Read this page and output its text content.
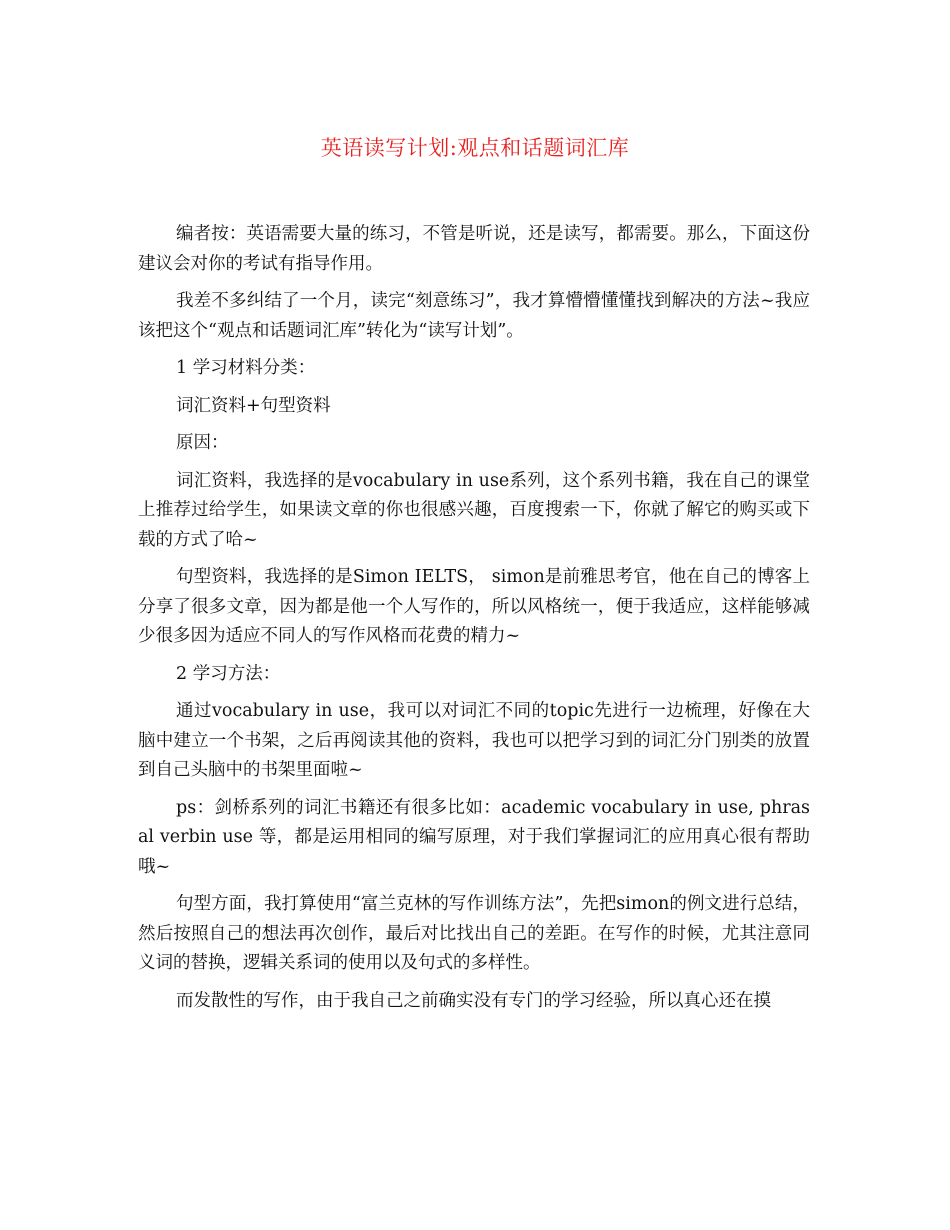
英语读写计划:观点和话题词汇库

编者按：英语需要大量的练习，不管是听说，还是读写，都需要。那么，下面这份建议会对你的考试有指导作用。

我差不多纠结了一个月，读完“刻意练习”，我才算懵懵懂懂找到解决的方法~我应该把这个“观点和话题词汇库”转化为“读写计划”。

1 学习材料分类：

词汇资料+句型资料

原因：

词汇资料，我选择的是vocabulary in use系列，这个系列书籍，我在自己的课堂上推荐过给学生，如果读文章的你也很感兴趣，百度搜索一下，你就了解它的购买或下载的方式了哈~

句型资料，我选择的是Simon IELTS， simon是前雅思考官，他在自己的博客上分享了很多文章，因为都是他一个人写作的，所以风格统一，便于我适应，这样能够减少很多因为适应不同人的写作风格而花费的精力~

2 学习方法：

通过vocabulary in use，我可以对词汇不同的topic先进行一边梳理，好像在大脑中建立一个书架，之后再阅读其他的资料，我也可以把学习到的词汇分门别类的放置到自己头脑中的书架里面啦~

ps：剑桥系列的词汇书籍还有很多比如：academic vocabulary in use, phrasal verbin use 等，都是运用相同的编写原理，对于我们掌握词汇的应用真心很有帮助哦~

句型方面，我打算使用“富兰克林的写作训练方法”，先把simon的例文进行总结，然后按照自己的想法再次创作，最后对比找出自己的差距。在写作的时候，尤其注意同义词的替换，逻辑关系词的使用以及句式的多样性。

而发散性的写作，由于我自己之前确实没有专门的学习经验，所以真心还在摸
